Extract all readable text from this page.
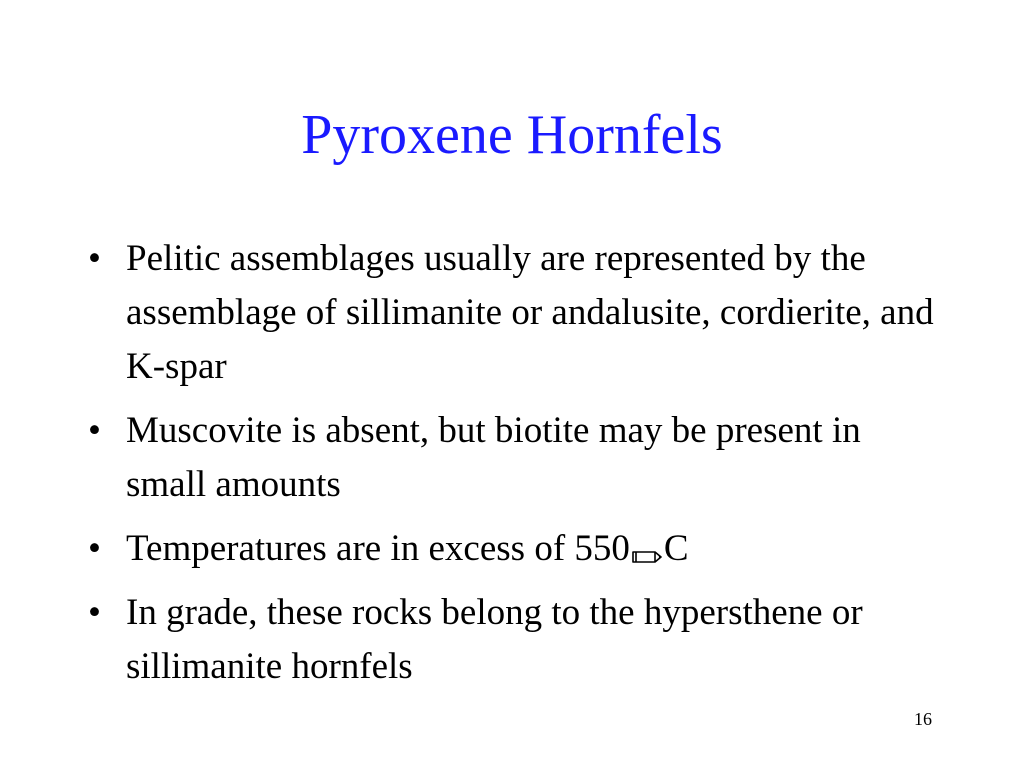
Pyroxene Hornfels
• Pelitic assemblages usually are represented by the assemblage of sillimanite or andalusite, cordierite, and K-spar
• Muscovite is absent, but biotite may be present in small amounts
• Temperatures are in excess of 550 C
• In grade, these rocks belong to the hypersthene or sillimanite hornfels
16
